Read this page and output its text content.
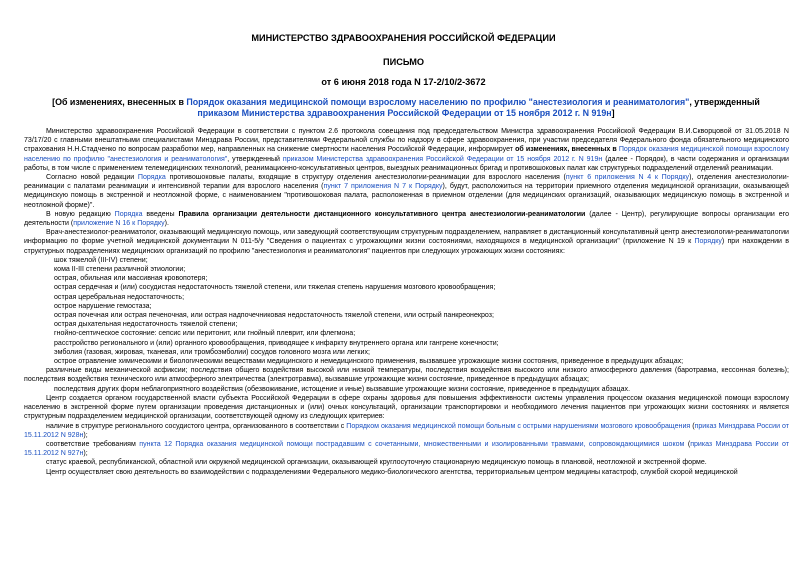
МИНИСТЕРСТВО ЗДРАВООХРАНЕНИЯ РОССИЙСКОЙ ФЕДЕРАЦИИ
ПИСЬМО
от 6 июня 2018 года N 17-2/10/2-3672
[Об изменениях, внесенных в Порядок оказания медицинской помощи взрослому населению по профилю "анестезиология и реаниматология", утвержденный приказом Министерства здравоохранения Российской Федерации от 15 ноября 2012 г. N 919н]

Министерство здравоохранения Российской Федерации в соответствии с пунктом 2.6 протокола совещания под председательством Министра здравоохранения Российской Федерации В.И.Скворцовой от 31.05.2018 N 73/17/20 с главными внештатными специалистами Минздрава России, представителями Федеральной службы по надзору в сфере здравоохранения, при участии председателя Федерального фонда обязательного медицинского страхования Н.Н.Стадченко по вопросам разработки мер, направленных на снижение смертности населения Российской Федерации, информирует об изменениях, внесенных в Порядок оказания медицинской помощи взрослому населению по профилю "анестезиология и реаниматология", утвержденный приказом Министерства здравоохранения Российской Федерации от 15 ноября 2012 г. N 919н (далее - Порядок), в части содержания и организации работы, в том числе с применением телемедицинских технологий, реанимационно-консультативных центров, выездных реанимационных бригад и противошоковых палат как структурных подразделений отделений реанимации.

Согласно новой редакции Порядка противошоковые палаты, входящие в структуру отделения анестезиологии-реанимации для взрослого населения (пункт 6 приложения N 4 к Порядку), отделения анестезиологии-реанимации с палатами реанимации и интенсивной терапии для взрослого населения (пункт 7 приложения N 7 к Порядку), будут, расположиться на территории приемного отделения медицинской организации, оказывающей медицинскую помощь в экстренной и неотложной форме, с наименованием "противошоковая палата, расположенная в приемном отделении (для медицинских организаций, оказывающих медицинскую помощь в экстренной и неотложной форме)".

В новую редакцию Порядка введены Правила организации деятельности дистанционного консультативного центра анестезиологии-реаниматологии (далее - Центр), регулирующие вопросы организации его деятельности (приложение N 16 к Порядку).

Врач-анестезиолог-реаниматолог, оказывающий медицинскую помощь, или заведующий соответствующим структурным подразделением, направляет в дистанционный консультативный центр анестезиологии-реаниматологии информацию по форме учетной медицинской документации N 011-5/у "Сведения о пациентах с угрожающими жизни состояниями, находящихся в медицинской организации" (приложение N 19 к Порядку) при нахождении в структурных подразделениях медицинских организаций по профилю "анестезиология и реаниматология" пациентов при следующих угрожающих жизни состояниях:

шок тяжелой (III-IV) степени;

кома II-III степени различной этиологии;

острая, обильная или массивная кровопотеря;

острая сердечная и (или) сосудистая недостаточность тяжелой степени, или тяжелая степень нарушения мозгового кровообращения;

острая церебральная недостаточность;

острое нарушение гемостаза;

острая почечная или острая печеночная, или острая надпочечниковая недостаточность тяжелой степени, или острый панкреонекроз;

острая дыхательная недостаточность тяжелой степени;

гнойно-септическое состояние: сепсис или перитонит, или гнойный плеврит, или флегмона;

расстройство регионального и (или) органного кровообращения, приводящее к инфаркту внутреннего органа или гангрене конечности;

эмболия (газовая, жировая, тканевая, или тромбоэмболии) сосудов головного мозга или легких;

острое отравление химическими и биологическими веществами медицинского и немедицинского применения, вызвавшее угрожающие жизни состояния, приведенное в предыдущих абзацах;

различные виды механической асфиксии; последствия общего воздействия высокой или низкой температуры, последствия воздействия высокого или низкого атмосферного давления (баротравма, кессонная болезнь); последствия воздействия технического или атмосферного электричества (электротравма), вызвавшие угрожающие жизни состояние, приведенное в предыдущих абзацах;

последствия других форм неблагоприятного воздействия (обезвоживание, истощение и иные) вызвавшие угрожающие жизни состояние, приведенное в предыдущих абзацах.

Центр создается органом государственной власти субъекта Российской Федерации в сфере охраны здоровья для повышения эффективности системы управления процессом оказания медицинской помощи взрослому населению в экстренной форме путем организации проведения дистанционных и (или) очных консультаций, организации транспортировки и необходимого лечения пациентов при угрожающих жизни состояниях и является структурным подразделением медицинской организации, соответствующей одному из следующих критериев:

наличие в структуре регионального сосудистого центра, организованного в соответствии с Порядком оказания медицинской помощи больным с острыми нарушениями мозгового кровообращения (приказ Минздрава России от 15.11.2012 N 928н);

соответствие требованиям пункта 12 Порядка оказания медицинской помощи пострадавшим с сочетанными, множественными и изолированными травмами, сопровождающимися шоком (приказ Минздрава России от 15.11.2012 N 927н);

статус краевой, республиканской, областной или окружной медицинской организации, оказывающей круглосуточную стационарную медицинскую помощь в плановой, неотложной и экстренной форме.

Центр осуществляет свою деятельность во взаимодействии с подразделениями Федерального медико-биологического агентства, территориальным центром медицины катастроф, службой скорой медицинской
